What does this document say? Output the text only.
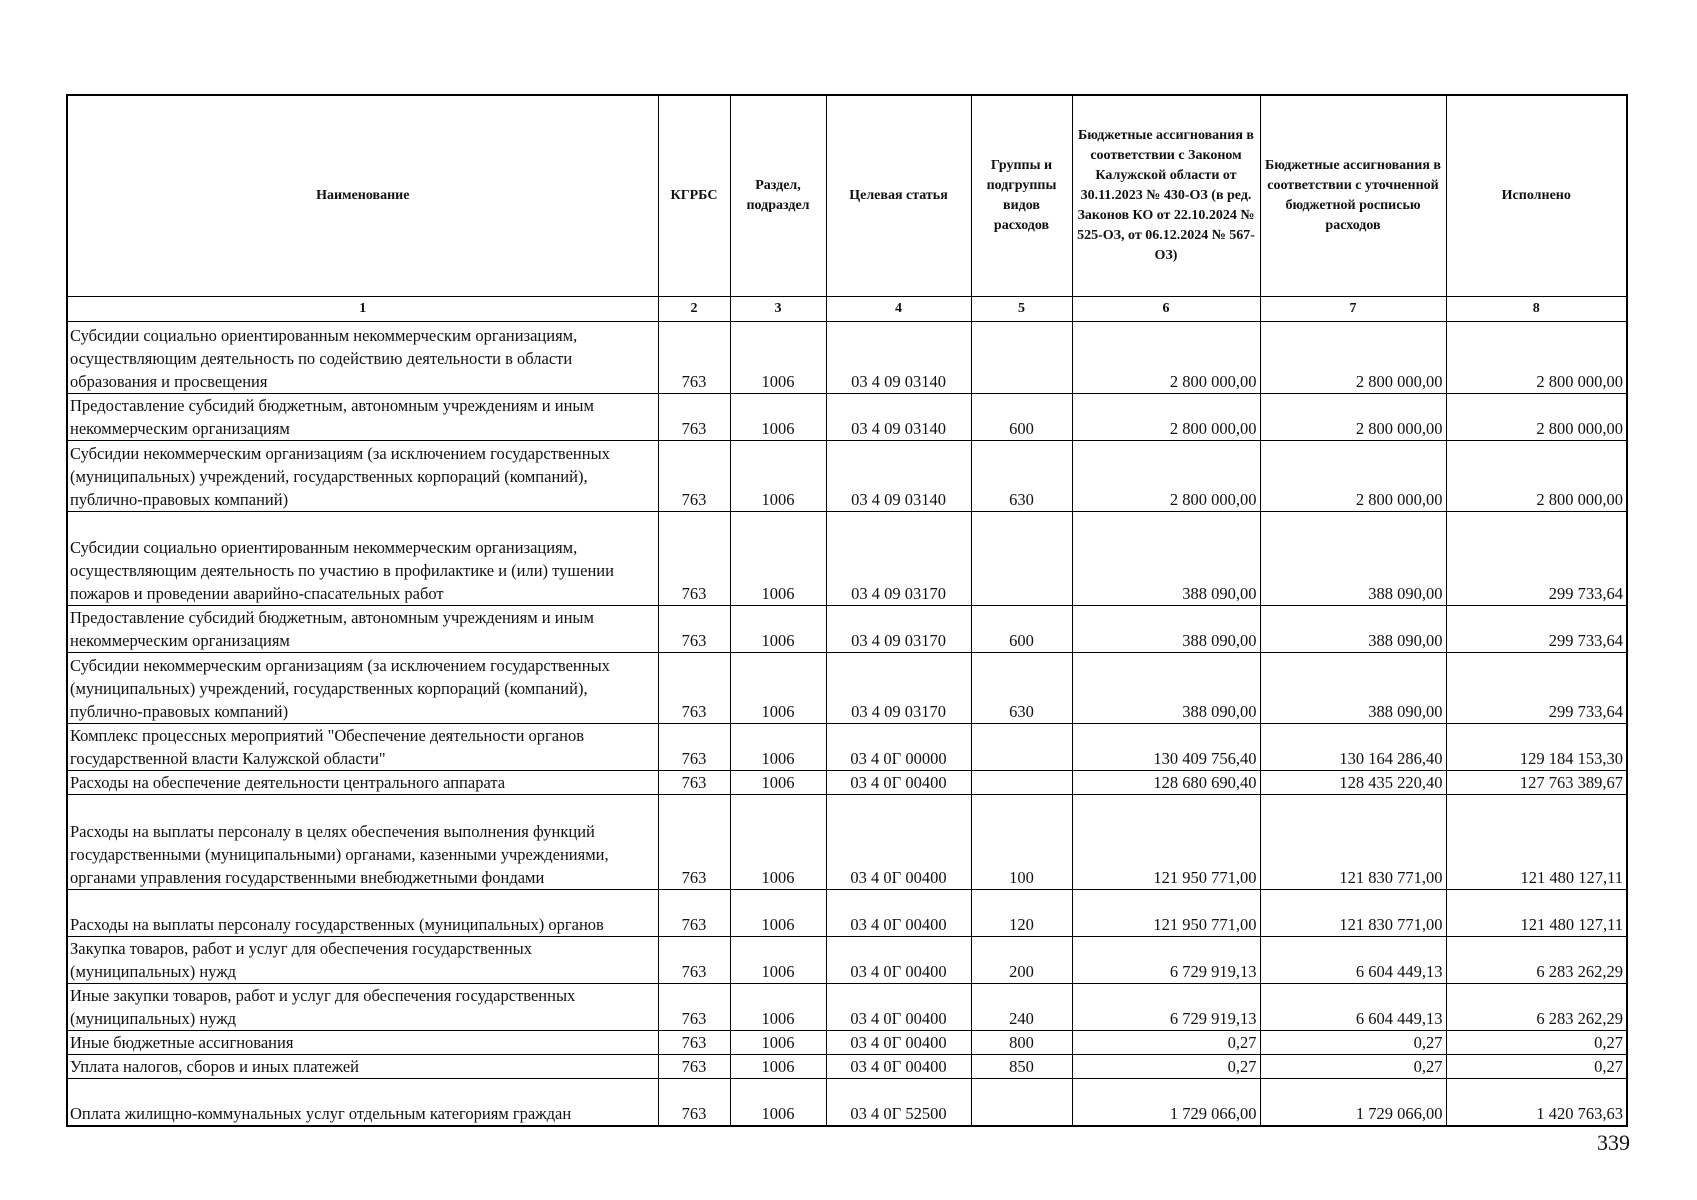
Наименование	КГРБС	Раздел, подраздел	Целевая статья	Группы и подгруппы видов расходов	Бюджетные ассигнования в соответствии с Законом Калужской области от 30.11.2023 № 430-ОЗ (в ред. Законов КО от 22.10.2024 № 525-ОЗ, от 06.12.2024 № 567-ОЗ)	Бюджетные ассигнования в соответствии с уточненной бюджетной росписью расходов	Исполнено
1	2	3	4	5	6	7	8
Субсидии социально ориентированным некоммерческим организациям, осуществляющим деятельность по содействию деятельности в области образования и просвещения	763	1006	03 4 09 03140		2 800 000,00	2 800 000,00	2 800 000,00
Предоставление субсидий бюджетным, автономным учреждениям и иным некоммерческим организациям	763	1006	03 4 09 03140	600	2 800 000,00	2 800 000,00	2 800 000,00
Субсидии некоммерческим организациям (за исключением государственных (муниципальных) учреждений, государственных корпораций (компаний), публично-правовых компаний)	763	1006	03 4 09 03140	630	2 800 000,00	2 800 000,00	2 800 000,00
Субсидии социально ориентированным некоммерческим организациям, осуществляющим деятельность по участию в профилактике и (или) тушении пожаров и проведении аварийно-спасательных работ	763	1006	03 4 09 03170		388 090,00	388 090,00	299 733,64
Предоставление субсидий бюджетным, автономным учреждениям и иным некоммерческим организациям	763	1006	03 4 09 03170	600	388 090,00	388 090,00	299 733,64
Субсидии некоммерческим организациям (за исключением государственных (муниципальных) учреждений, государственных корпораций (компаний), публично-правовых компаний)	763	1006	03 4 09 03170	630	388 090,00	388 090,00	299 733,64
Комплекс процессных мероприятий "Обеспечение деятельности органов государственной власти Калужской области"	763	1006	03 4 0Г 00000		130 409 756,40	130 164 286,40	129 184 153,30
Расходы на обеспечение деятельности центрального аппарата	763	1006	03 4 0Г 00400		128 680 690,40	128 435 220,40	127 763 389,67
Расходы на выплаты персоналу в целях обеспечения выполнения функций государственными (муниципальными) органами, казенными учреждениями, органами управления государственными внебюджетными фондами	763	1006	03 4 0Г 00400	100	121 950 771,00	121 830 771,00	121 480 127,11
Расходы на выплаты персоналу государственных (муниципальных) органов	763	1006	03 4 0Г 00400	120	121 950 771,00	121 830 771,00	121 480 127,11
Закупка товаров, работ и услуг для обеспечения государственных (муниципальных) нужд	763	1006	03 4 0Г 00400	200	6 729 919,13	6 604 449,13	6 283 262,29
Иные закупки товаров, работ и услуг для обеспечения государственных (муниципальных) нужд	763	1006	03 4 0Г 00400	240	6 729 919,13	6 604 449,13	6 283 262,29
Иные бюджетные ассигнования	763	1006	03 4 0Г 00400	800	0,27	0,27	0,27
Уплата налогов, сборов и иных платежей	763	1006	03 4 0Г 00400	850	0,27	0,27	0,27
Оплата жилищно-коммунальных услуг отдельным категориям граждан	763	1006	03 4 0Г 52500		1 729 066,00	1 729 066,00	1 420 763,63
339
